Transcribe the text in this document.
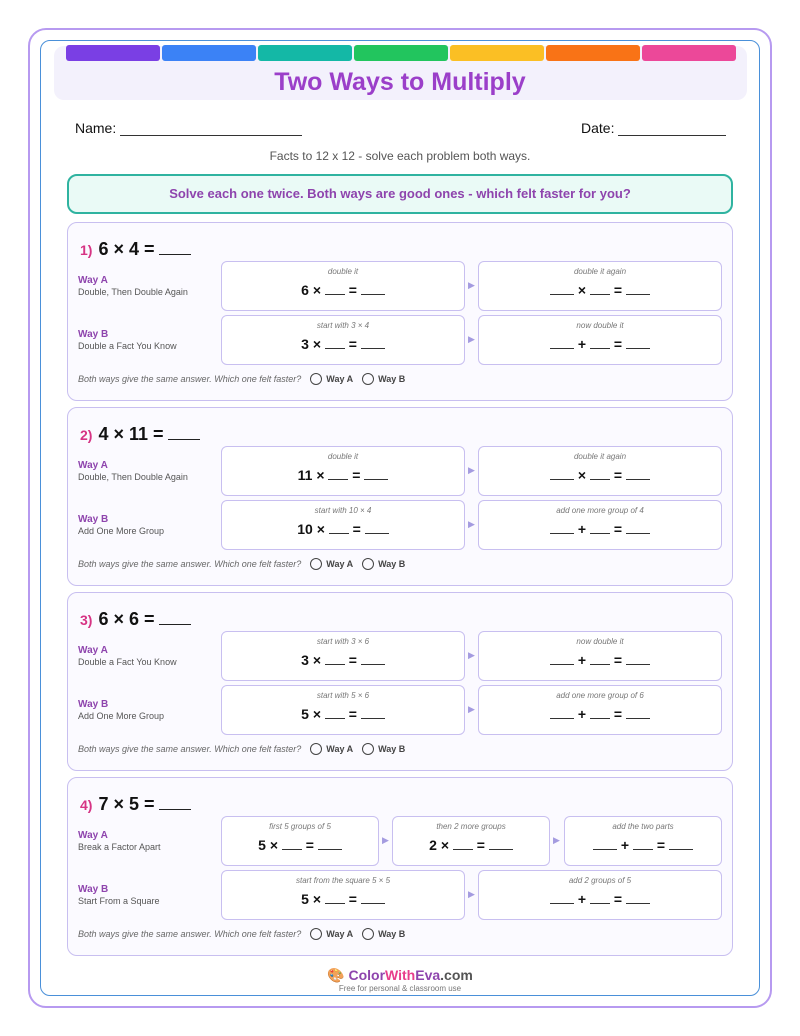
Two Ways to Multiply
Name:	Date:
Facts to 12 x 12 - solve each problem both ways.
Solve each one twice. Both ways are good ones - which felt faster for you?
1) 6 × 4 =
Way A
Double, Then Double Again
double it
6 ×  =	▶
double it again
×  =
Way B
Double a Fact You Know
start with 3 × 4
3 ×  =	▶
now double it
+  =
Both ways give the same answer. Which one felt faster?	Way A	Way B
2) 4 × 11 =
Way A
Double, Then Double Again
double it
11 ×  =	▶
double it again
×  =
Way B
Add One More Group
start with 10 × 4
10 ×  =	▶
add one more group of 4
+  =
Both ways give the same answer. Which one felt faster?	Way A	Way B
3) 6 × 6 =
Way A
Double a Fact You Know
start with 3 × 6
3 ×  =	▶
now double it
+  =
Way B
Add One More Group
start with 5 × 6
5 ×  =	▶
add one more group of 6
+  =
Both ways give the same answer. Which one felt faster?	Way A	Way B
4) 7 × 5 =
Way A
Break a Factor Apart
first 5 groups of 5
5 ×  =	▶
then 2 more groups
2 ×  =	▶
add the two parts
+  =
Way B
Start From a Square
start from the square 5 × 5
5 ×  =	▶
add 2 groups of 5
+  =
Both ways give the same answer. Which one felt faster?	Way A	Way B
🎨 ColorWithEva.com
Free for personal & classroom use
